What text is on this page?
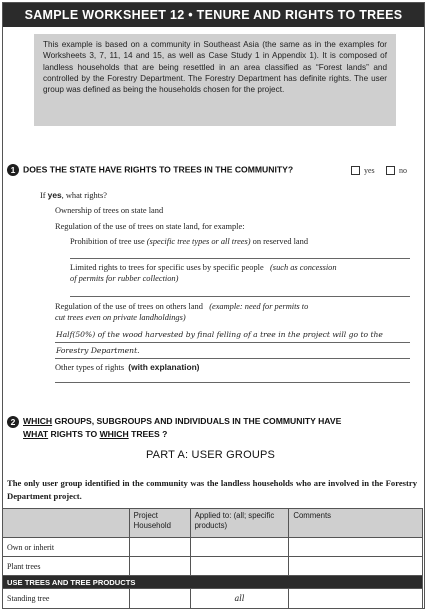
SAMPLE WORKSHEET 12 • TENURE AND RIGHTS TO TREES
This example is based on a community in Southeast Asia (the same as in the examples for Worksheets 3, 7, 11, 14 and 15, as well as Case Study 1 in Appendix 1). It is composed of landless households that are being resettled in an area classified as “Forest lands” and controlled by the Forestry Department. The Forestry Department has definite rights. The user group was defined as being the households chosen for the project.
1 DOES THE STATE HAVE RIGHTS TO TREES IN THE COMMUNITY?	yes	no
If yes, what rights?
Ownership of trees on state land
Regulation of the use of trees on state land, for example:
Prohibition of tree use (specific tree types or all trees) on reserved land
Limited rights to trees for specific uses by specific people (such as concession
of permits for rubber collection)
Regulation of the use of trees on others land (example: need for permits to
cut trees even on private landholdings)
Half(50%) of the wood harvested by final felling of a tree in the project will go to the
Forestry Department.
Other types of rights (with explanation)
2 WHICH GROUPS, SUBGROUPS AND INDIVIDUALS IN THE COMMUNITY HAVE
WHAT RIGHTS TO WHICH TREES ?
PART A: USER GROUPS
The only user group identified in the community was the landless households who are involved in the Forestry Department project.
	Project Household	Applied to: (all; specific products)	Comments
Own or inherit			
Plant trees			
USE TREES AND TREE PRODUCTS			
Standing tree		all	
